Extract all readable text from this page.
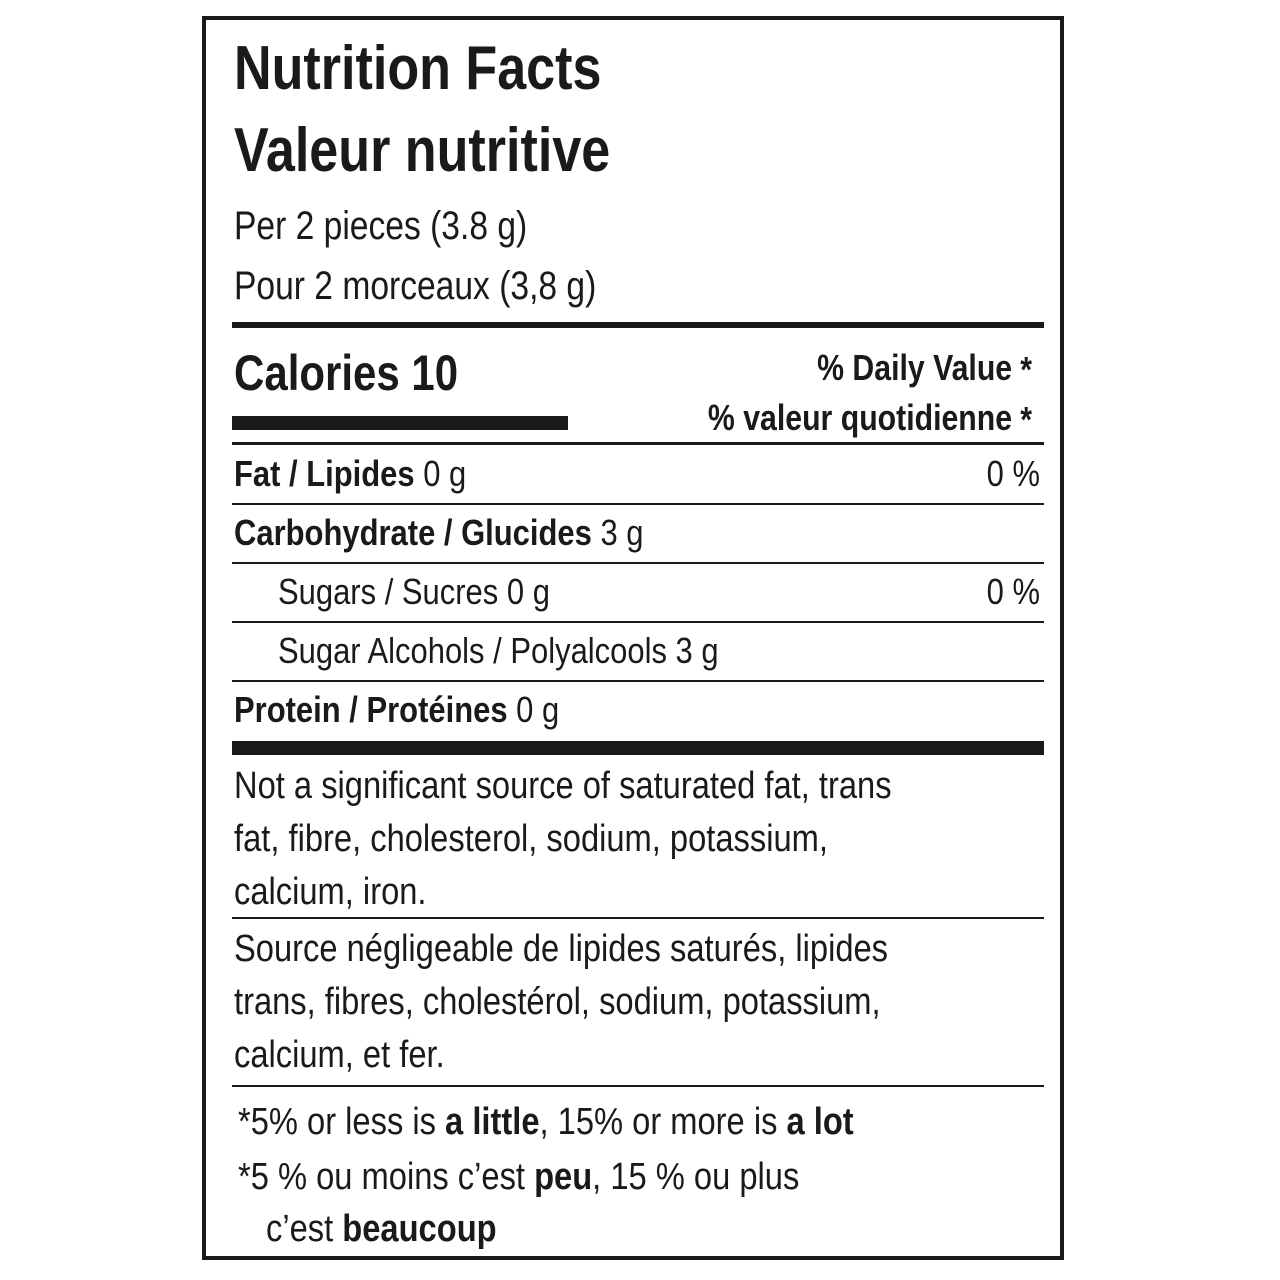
Nutrition Facts
Valeur nutritive
Per 2 pieces (3.8 g)
Pour 2 morceaux (3,8 g)
Calories 10	% Daily Value *
% valeur quotidienne *
Fat / Lipides 0 g	0 %
Carbohydrate / Glucides 3 g
Sugars / Sucres 0 g	0 %
Sugar Alcohols / Polyalcools 3 g
Protein / Protéines 0 g
Not a significant source of saturated fat, trans
fat, fibre, cholesterol, sodium, potassium,
calcium, iron.
Source négligeable de lipides saturés, lipides
trans, fibres, cholestérol, sodium, potassium,
calcium, et fer.
*5% or less is a little, 15% or more is a lot
*5 % ou moins c’est peu, 15 % ou plus
c’est beaucoup
